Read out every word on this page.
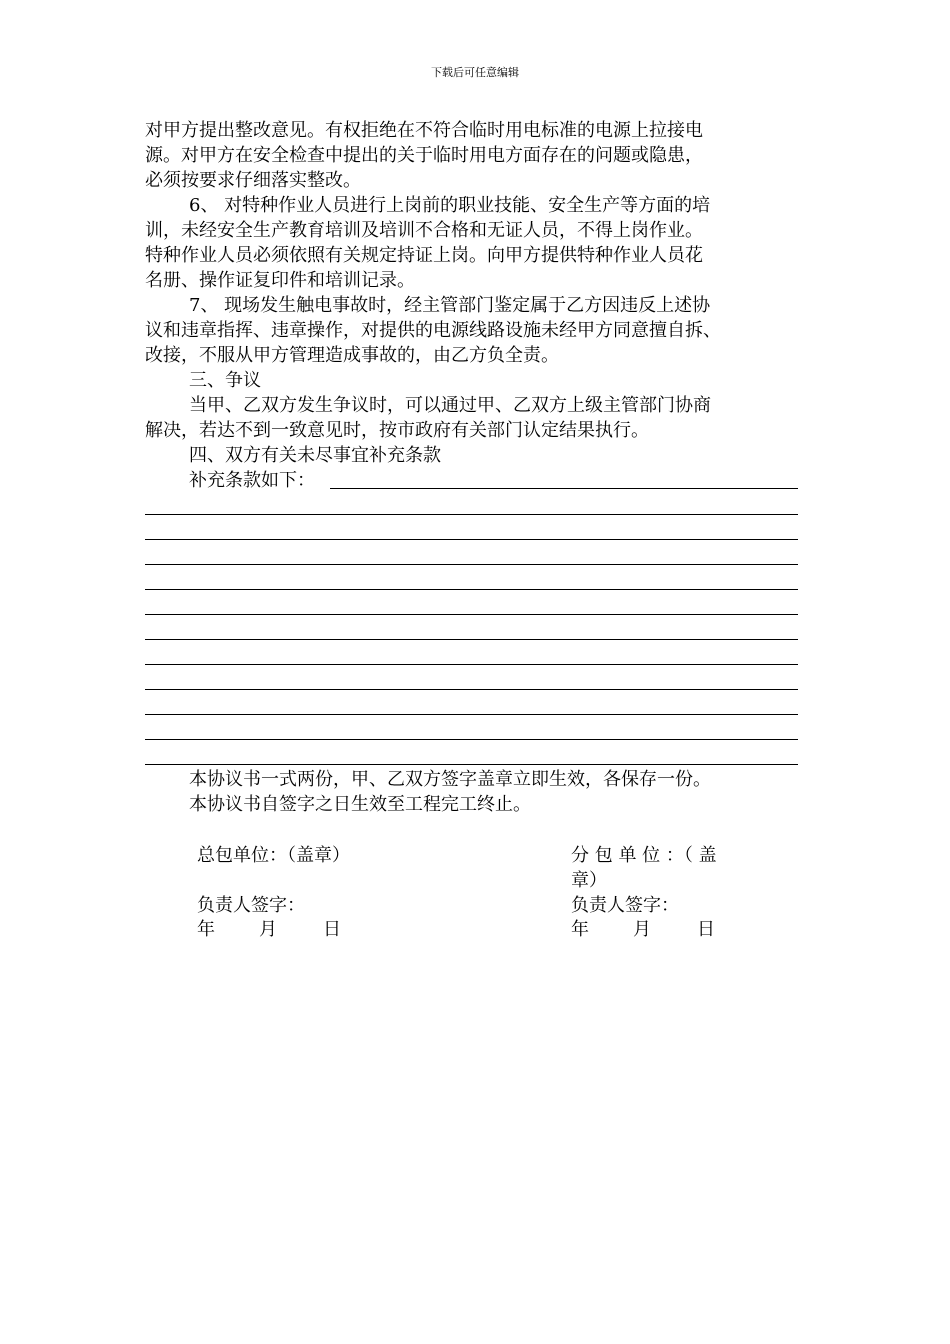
下载后可任意编辑
对甲方提出整改意见。有权拒绝在不符合临时用电标准的电源上拉接电
源。对甲方在安全检查中提出的关于临时用电方面存在的问题或隐患，
必须按要求仔细落实整改。
6、 对特种作业人员进行上岗前的职业技能、安全生产等方面的培
训，未经安全生产教育培训及培训不合格和无证人员，不得上岗作业。
特种作业人员必须依照有关规定持证上岗。向甲方提供特种作业人员花
名册、操作证复印件和培训记录。
7、 现场发生触电事故时，经主管部门鉴定属于乙方因违反上述协
议和违章指挥、违章操作，对提供的电源线路设施未经甲方同意擅自拆、
改接，不服从甲方管理造成事故的，由乙方负全责。
三、争议
当甲、乙双方发生争议时，可以通过甲、乙双方上级主管部门协商
解决，若达不到一致意见时，按市政府有关部门认定结果执行。
四、双方有关未尽事宜补充条款
补充条款如下：
本协议书一式两份，甲、乙双方签字盖章立即生效，各保存一份。
本协议书自签字之日生效至工程完工终止。
总包单位：（盖章）
负责人签字：
年 月	日
分 包 单 位 ：（ 盖
章）
负责人签字：
年 月	日
